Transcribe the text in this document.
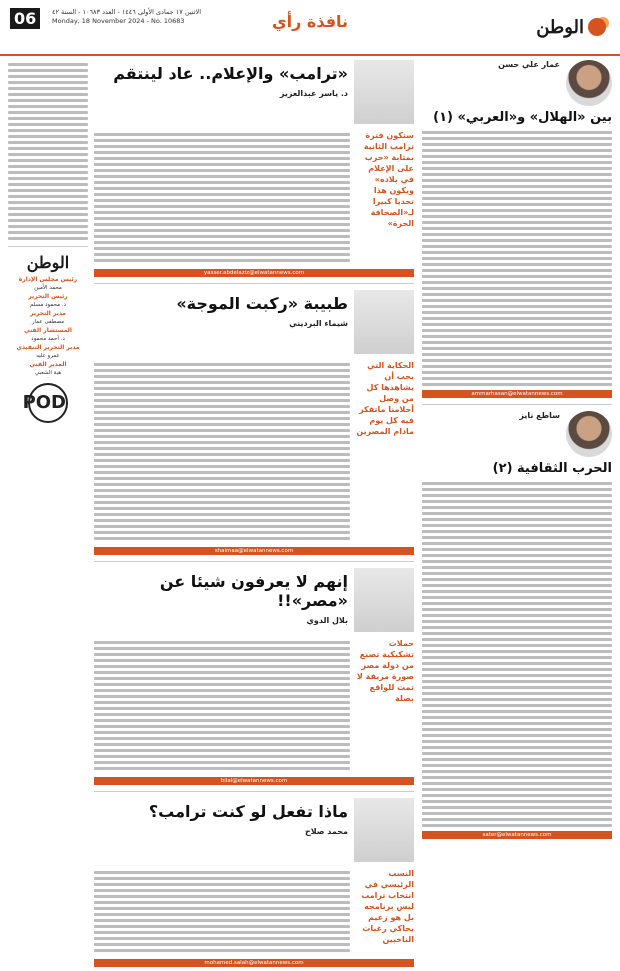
الوطن
نافذة رأي
06	الاثنين ١٧ جمادى الأولى ١٤٤٦ - العدد ١٠٦٨٣ - السنة ٤٢
Monday, 18 November 2024 - No. 10683
عمار علي حسن
بين «الهلال» و«العربي» (١)
ammarhasan@elwatannews.com
ساطع نايز
الحرب الثقافية (٢)
sater@elwatannews.com
«ترامب» والإعلام.. عاد لينتقم
د. ياسر عبدالعزيز
ستكون فترة ترامب الثانية بمثابة «حرب على الإعلام في بلاده» ويكون هذا تحديا كبيرا لـ«الصحافة الحرة»
yasser.abdelaziz@elwatannews.com
طبيبة «ركبت الموجة»
شيماء البرديني
الحكاية التي يجب أن يشاهدها كل من وصل أحلامنا ماتفكر فيه كل يوم مادام المصرين
shaimaa@elwatannews.com
إنهم لا يعرفون شيئا عن «مصر»!!
بلال الدوي
حملات تشكيكية تصنع من دولة مصر صورة مزيفة لا تمت للواقع بصلة
bilal@elwatannews.com
ماذا تفعل لو كنت ترامب؟
محمد صلاح
النسب الرئيسي في انتخاب ترامب ليس برنامجه بل هو زعيم يحاكي رغبات الناخبين
mohamed.salah@elwatannews.com
الوطن
رئيس مجلس الإدارة
محمد الأمين
رئيس التحرير
د. محمود مسلم
مدير التحرير
مصطفى عمار
المستشار الفني
د. أحمد محمود
مدير التحرير التنفيذي
عمرو عليه
المدير الفني
هبة الشعبي
POD
